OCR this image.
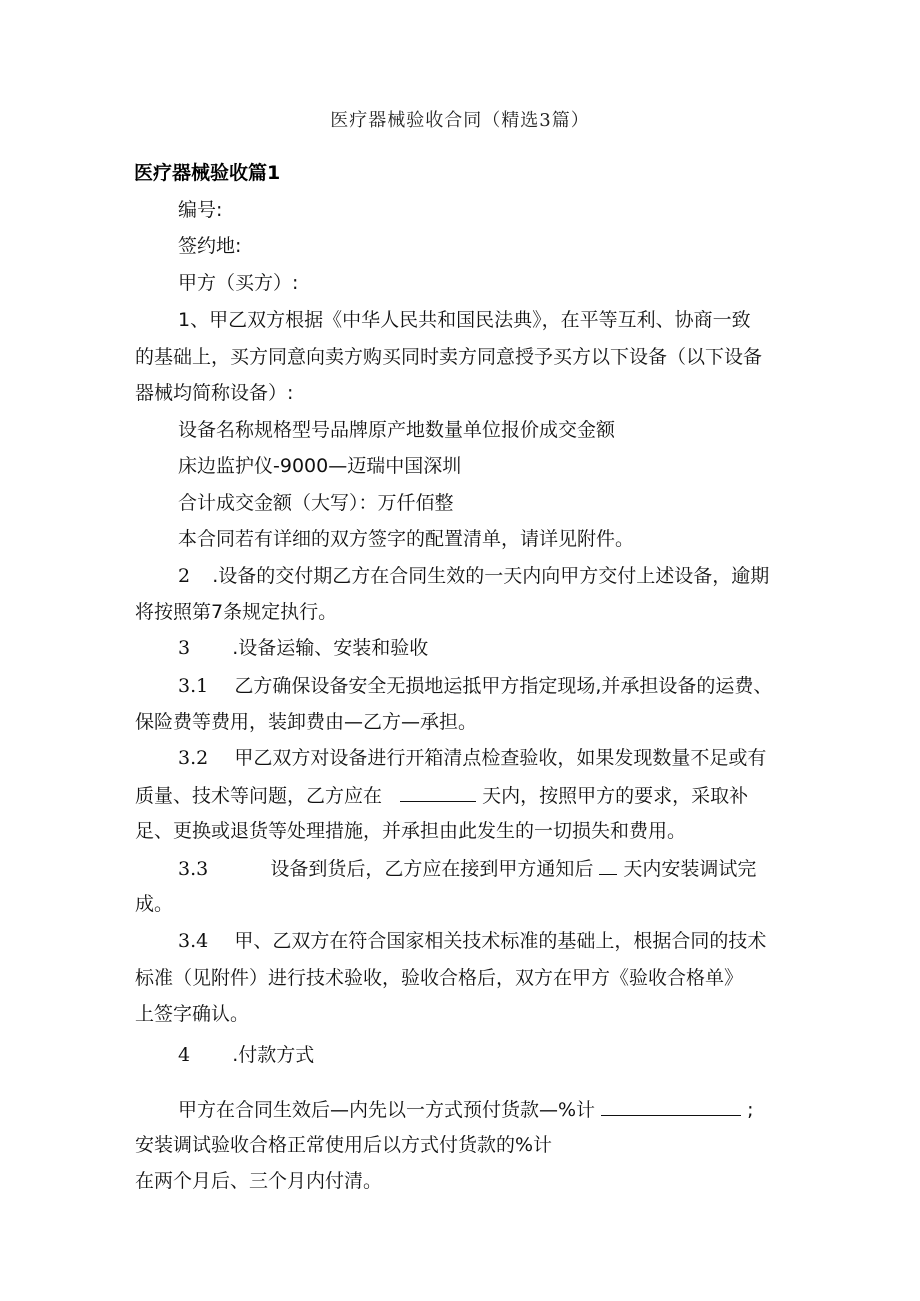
医疗器械验收合同（精选3篇）
医疗器械验收篇1
编号:
签约地:
甲方（买方）:
1、甲乙双方根据《中华人民共和国民法典》，在平等互利、协商一致
的基础上，买方同意向卖方购买同时卖方同意授予买方以下设备（以下设备
器械均简称设备）:
设备名称规格型号品牌原产地数量单位报价成交金额
床边监护仪-9000—迈瑞中国深圳
合计成交金额（大写）：万仟佰整
本合同若有详细的双方签字的配置清单，请详见附件。
2 .设备的交付期乙方在合同生效的一天内向甲方交付上述设备，逾期
将按照第7条规定执行。
3 .设备运输、安装和验收
3.1 乙方确保设备安全无损地运抵甲方指定现场,并承担设备的运费、
保险费等费用，装卸费由—乙方—承担。
3.2 甲乙双方对设备进行开箱清点检查验收，如果发现数量不足或有
质量、技术等问题，乙方应在	天内，按照甲方的要求，采取补
足、更换或退货等处理措施，并承担由此发生的一切损失和费用。
3.3	设备到货后，乙方应在接到甲方通知后 天内安装调试完
成。
3.4 甲、乙双方在符合国家相关技术标准的基础上，根据合同的技术
标准（见附件）进行技术验收，验收合格后，双方在甲方《验收合格单》
上签字确认。
4 .付款方式
甲方在合同生效后—内先以一方式预付货款—%计	;
安装调试验收合格正常使用后以方式付货款的%计
在两个月后、三个月内付清。
